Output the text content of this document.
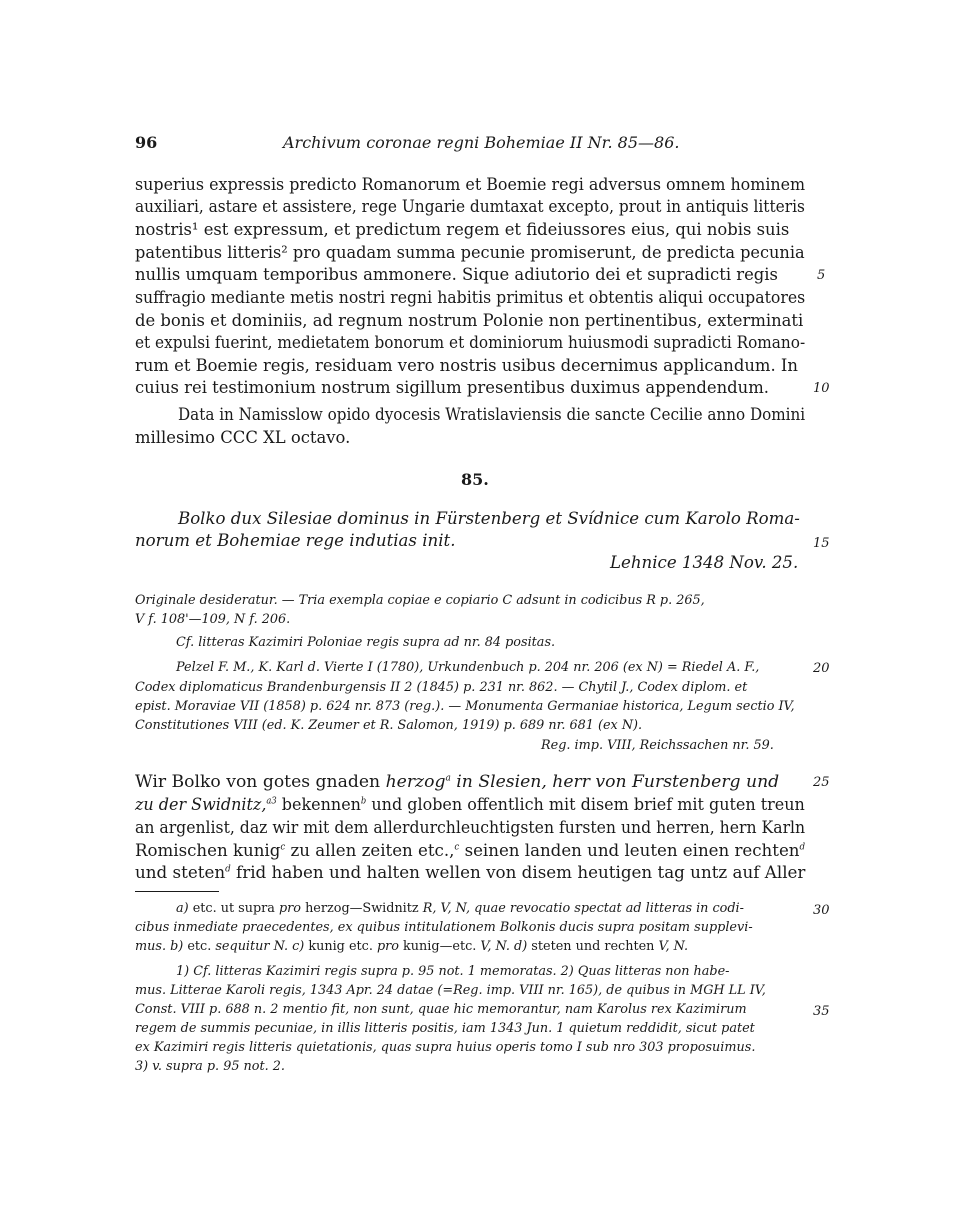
96	Archivum coronae regni Bohemiae II Nr. 85—86.
superius expressis predicto Romanorum et Boemie regi adversus omnem hominem
auxiliari, astare et assistere, rege Ungarie dumtaxat excepto, prout in antiquis litteris
nostris¹ est expressum, et predictum regem et fideiussores eius, qui nobis suis
patentibus litteris² pro quadam summa pecunie promiserunt, de predicta pecunia
nullis umquam temporibus ammonere. Sique adiutorio dei et supradicti regis
suffragio mediante metis nostri regni habitis primitus et obtentis aliqui occupatores
de bonis et dominiis, ad regnum nostrum Polonie non pertinentibus, exterminati
et expulsi fuerint, medietatem bonorum et dominiorum huiusmodi supradicti Romano-
rum et Boemie regis, residuam vero nostris usibus decernimus applicandum. In
cuius rei testimonium nostrum sigillum presentibus duximus appendendum.
Data in Namisslow opido dyocesis Wratislaviensis die sancte Cecilie anno Domini
millesimo CCC XL octavo.
85.
Bolko dux Silesiae dominus in Fürstenberg et Svídnice cum Karolo Roma-
norum et Bohemiae rege indutias init.
Lehnice 1348 Nov. 25.
Originale desideratur. — Tria exempla copiae e copiario C adsunt in codicibus R p. 265,
V f. 108'—109, N f. 206.
Cf. litteras Kazimiri Poloniae regis supra ad nr. 84 positas.
Pelzel F. M., K. Karl d. Vierte I (1780), Urkundenbuch p. 204 nr. 206 (ex N) = Riedel A. F.,
Codex diplomaticus Brandenburgensis II 2 (1845) p. 231 nr. 862. — Chytil J., Codex diplom. et
epist. Moraviae VII (1858) p. 624 nr. 873 (reg.). — Monumenta Germaniae historica, Legum sectio IV,
Constitutiones VIII (ed. K. Zeumer et R. Salomon, 1919) p. 689 nr. 681 (ex N).
Reg. imp. VIII, Reichssachen nr. 59.
Wir Bolko von gotes gnaden herzog$^a$ in Slesien, herr von Furstenberg und
zu der Swidnitz,$^{a3}$ bekennen$^b$ und globen offentlich mit disem brief mit guten treun
an argenlist, daz wir mit dem allerdurchleuchtigsten fursten und herren, hern Karln
Romischen kunig$^c$ zu allen zeiten etc.,$^c$ seinen landen und leuten einen rechten$^d$
und steten$^d$ frid haben und halten wellen von disem heutigen tag untz auf Aller
a) etc. ut supra pro herzog—Swidnitz R, V, N, quae revocatio spectat ad litteras in codi-
cibus inmediate praecedentes, ex quibus intitulationem Bolkonis ducis supra positam supplevi-
mus. b) etc. sequitur N. c) kunig etc. pro kunig—etc. V, N. d) steten und rechten V, N.
1) Cf. litteras Kazimiri regis supra p. 95 not. 1 memoratas. 2) Quas litteras non habe-
mus. Litterae Karoli regis, 1343 Apr. 24 datae (=Reg. imp. VIII nr. 165), de quibus in MGH LL IV,
Const. VIII p. 688 n. 2 mentio fit, non sunt, quae hic memorantur, nam Karolus rex Kazimirum
regem de summis pecuniae, in illis litteris positis, iam 1343 Jun. 1 quietum reddidit, sicut patet
ex Kazimiri regis litteris quietationis, quas supra huius operis tomo I sub nro 303 proposuimus.
3) v. supra p. 95 not. 2.
5
10
15
20
25
30
35
